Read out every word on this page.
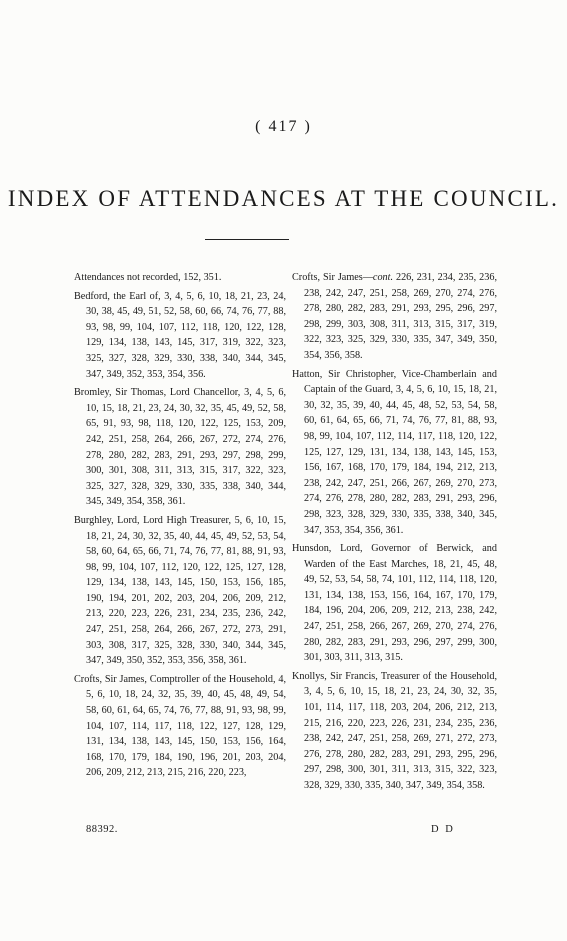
( 417 )
INDEX OF ATTENDANCES AT THE COUNCIL.

Attendances not recorded, 152, 351.

Bedford, the Earl of, 3, 4, 5, 6, 10, 18, 21, 23, 24, 30, 38, 45, 49, 51, 52, 58, 60, 66, 74, 76, 77, 88, 93, 98, 99, 104, 107, 112, 118, 120, 122, 128, 129, 134, 138, 143, 145, 317, 319, 322, 323, 325, 327, 328, 329, 330, 338, 340, 344, 345, 347, 349, 352, 353, 354, 356.

Bromley, Sir Thomas, Lord Chancellor, 3, 4, 5, 6, 10, 15, 18, 21, 23, 24, 30, 32, 35, 45, 49, 52, 58, 65, 91, 93, 98, 118, 120, 122, 125, 153, 209, 242, 251, 258, 264, 266, 267, 272, 274, 276, 278, 280, 282, 283, 291, 293, 297, 298, 299, 300, 301, 308, 311, 313, 315, 317, 322, 323, 325, 327, 328, 329, 330, 335, 338, 340, 344, 345, 349, 354, 358, 361.

Burghley, Lord, Lord High Treasurer, 5, 6, 10, 15, 18, 21, 24, 30, 32, 35, 40, 44, 45, 49, 52, 53, 54, 58, 60, 64, 65, 66, 71, 74, 76, 77, 81, 88, 91, 93, 98, 99, 104, 107, 112, 120, 122, 125, 127, 128, 129, 134, 138, 143, 145, 150, 153, 156, 185, 190, 194, 201, 202, 203, 204, 206, 209, 212, 213, 220, 223, 226, 231, 234, 235, 236, 242, 247, 251, 258, 264, 266, 267, 272, 273, 291, 303, 308, 317, 325, 328, 330, 340, 344, 345, 347, 349, 350, 352, 353, 356, 358, 361.

Crofts, Sir James, Comptroller of the Household, 4, 5, 6, 10, 18, 24, 32, 35, 39, 40, 45, 48, 49, 54, 58, 60, 61, 64, 65, 74, 76, 77, 88, 91, 93, 98, 99, 104, 107, 114, 117, 118, 122, 127, 128, 129, 131, 134, 138, 143, 145, 150, 153, 156, 164, 168, 170, 179, 184, 190, 196, 201, 203, 204, 206, 209, 212, 213, 215, 216, 220, 223,

Crofts, Sir James—cont. 226, 231, 234, 235, 236, 238, 242, 247, 251, 258, 269, 270, 274, 276, 278, 280, 282, 283, 291, 293, 295, 296, 297, 298, 299, 303, 308, 311, 313, 315, 317, 319, 322, 323, 325, 329, 330, 335, 347, 349, 350, 354, 356, 358.

Hatton, Sir Christopher, Vice-Chamberlain and Captain of the Guard, 3, 4, 5, 6, 10, 15, 18, 21, 30, 32, 35, 39, 40, 44, 45, 48, 52, 53, 54, 58, 60, 61, 64, 65, 66, 71, 74, 76, 77, 81, 88, 93, 98, 99, 104, 107, 112, 114, 117, 118, 120, 122, 125, 127, 129, 131, 134, 138, 143, 145, 153, 156, 167, 168, 170, 179, 184, 194, 212, 213, 238, 242, 247, 251, 266, 267, 269, 270, 273, 274, 276, 278, 280, 282, 283, 291, 293, 296, 298, 323, 328, 329, 330, 335, 338, 340, 345, 347, 353, 354, 356, 361.

Hunsdon, Lord, Governor of Berwick, and Warden of the East Marches, 18, 21, 45, 48, 49, 52, 53, 54, 58, 74, 101, 112, 114, 118, 120, 131, 134, 138, 153, 156, 164, 167, 170, 179, 184, 196, 204, 206, 209, 212, 213, 238, 242, 247, 251, 258, 266, 267, 269, 270, 274, 276, 280, 282, 283, 291, 293, 296, 297, 299, 300, 301, 303, 311, 313, 315.

Knollys, Sir Francis, Treasurer of the Household, 3, 4, 5, 6, 10, 15, 18, 21, 23, 24, 30, 32, 35, 101, 114, 117, 118, 203, 204, 206, 212, 213, 215, 216, 220, 223, 226, 231, 234, 235, 236, 238, 242, 247, 251, 258, 269, 271, 272, 273, 276, 278, 280, 282, 283, 291, 293, 295, 296, 297, 298, 300, 301, 311, 313, 315, 322, 323, 328, 329, 330, 335, 340, 347, 349, 354, 358.

88392.	D D
